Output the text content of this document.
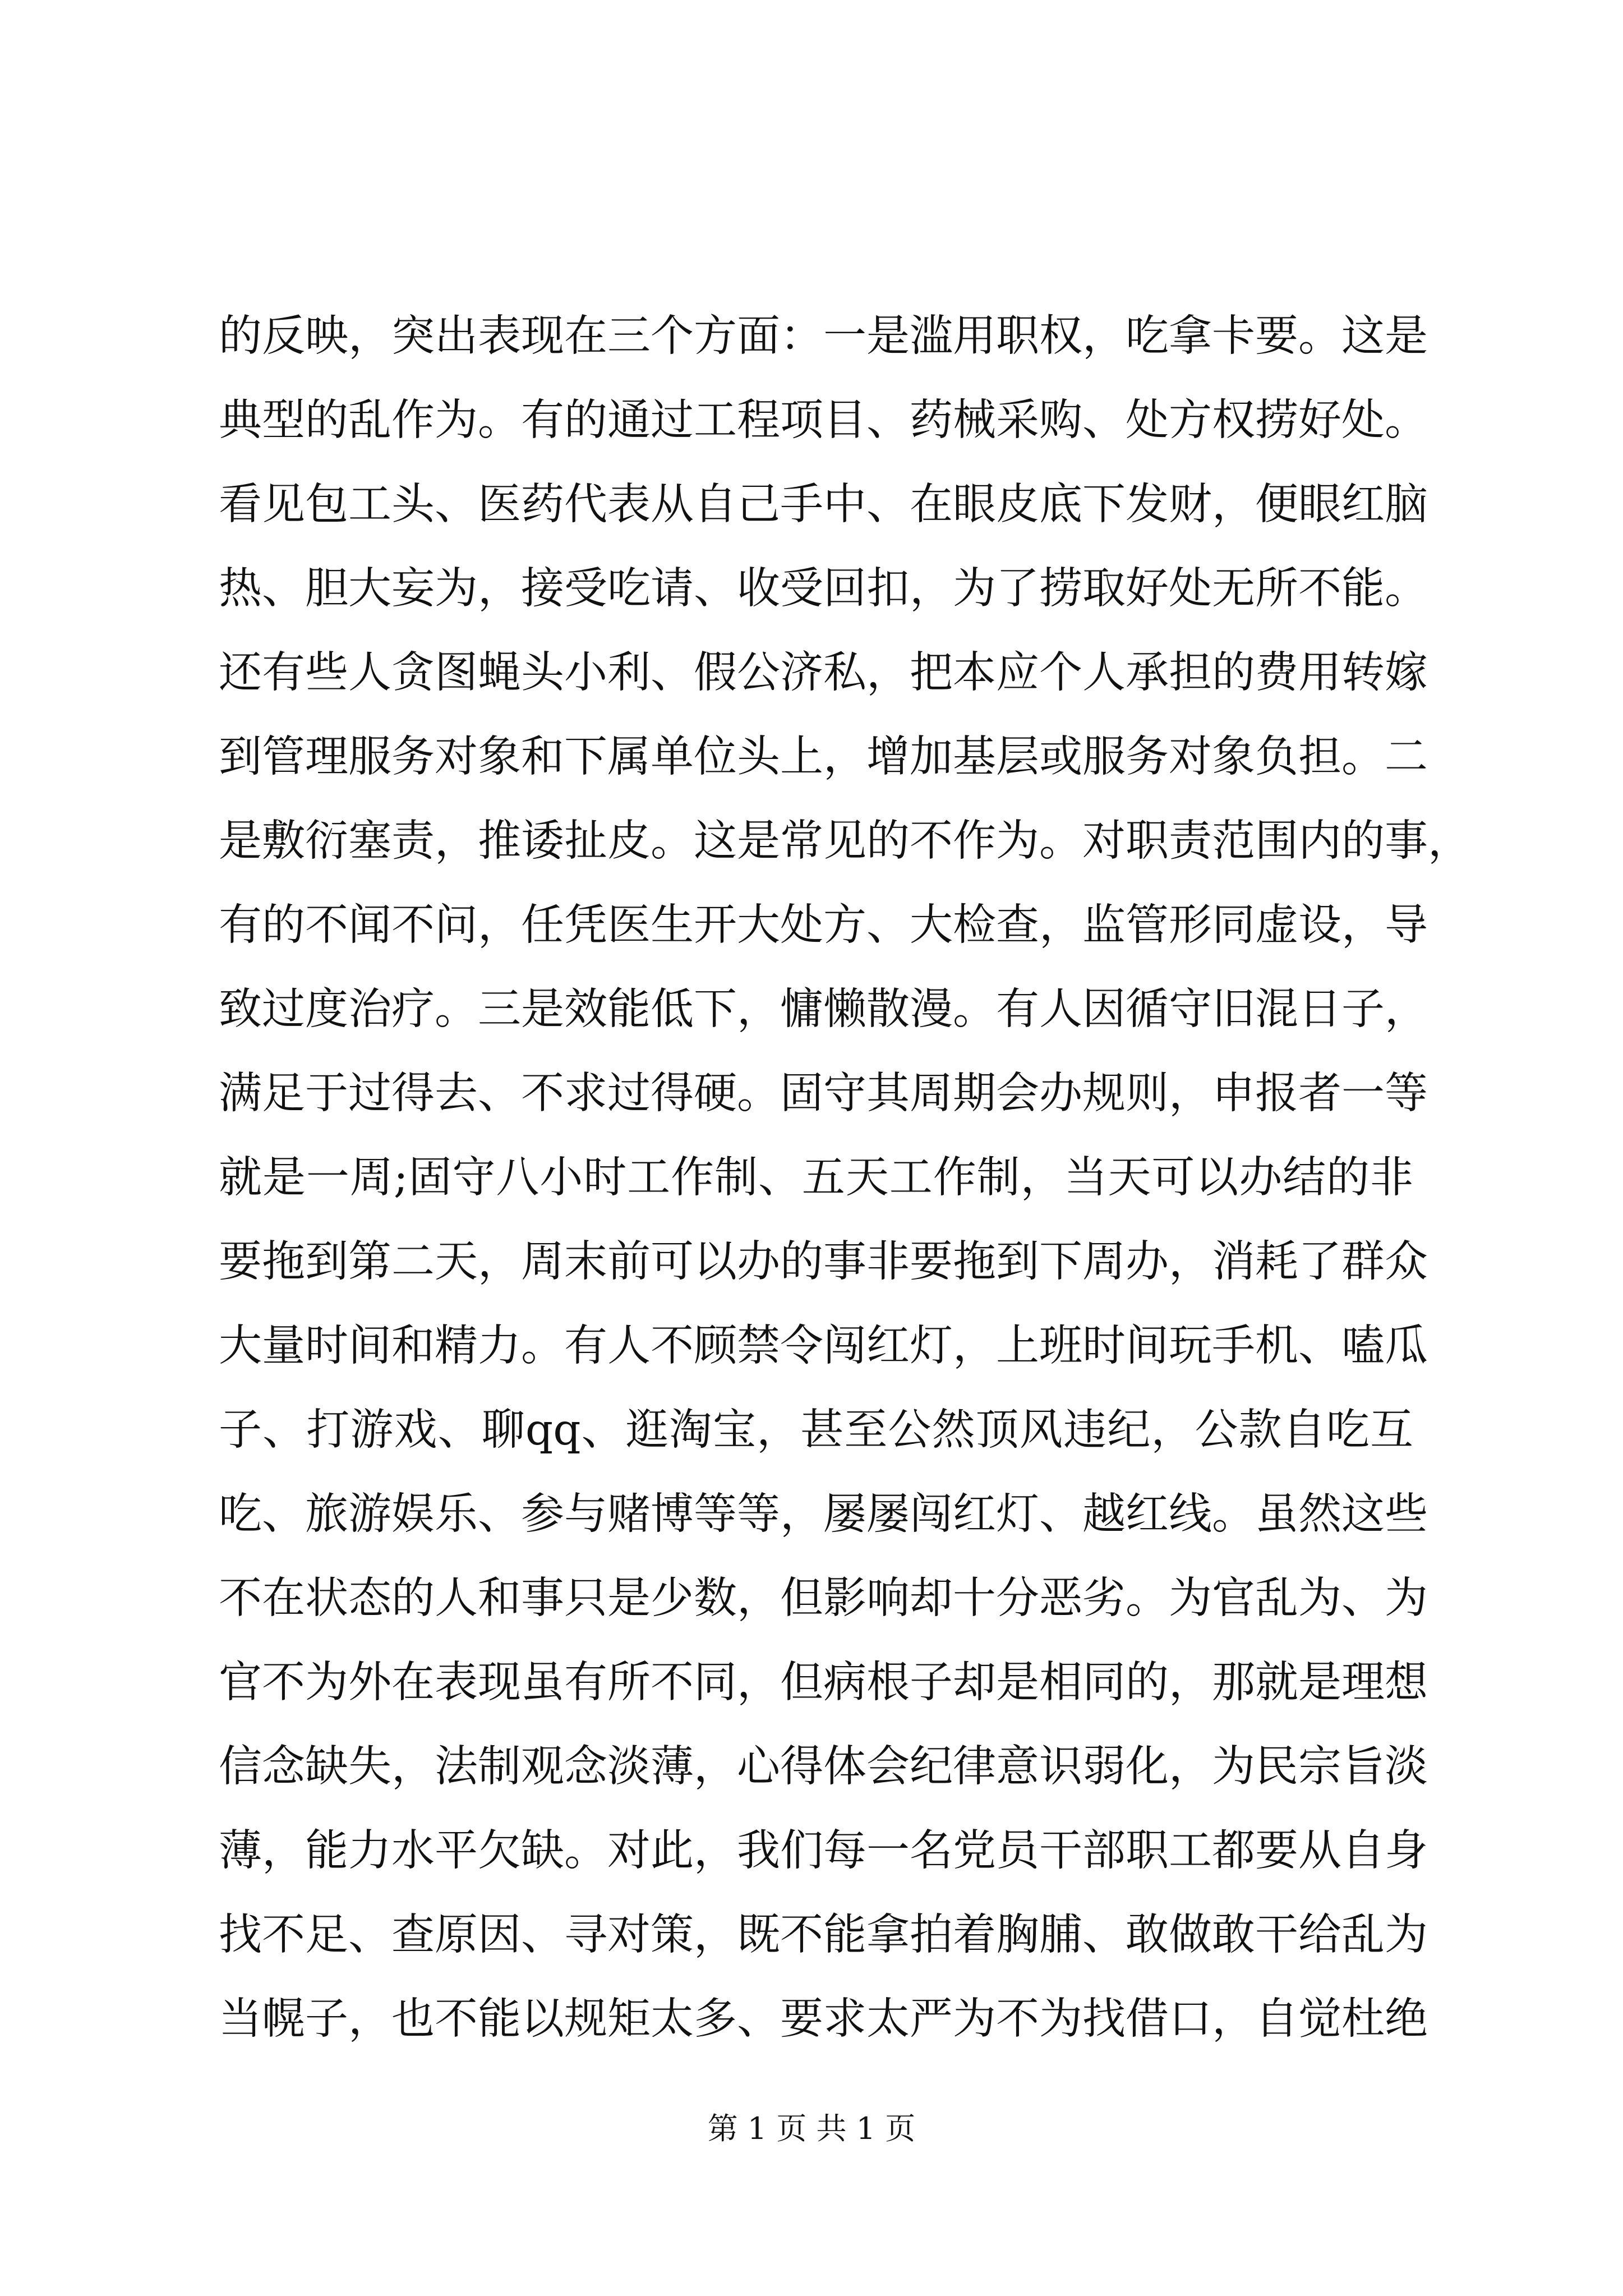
的反映，突出表现在三个方面：一是滥用职权，吃拿卡要。这是
典型的乱作为。有的通过工程项目、药械采购、处方权捞好处。
看见包工头、医药代表从自己手中、在眼皮底下发财，便眼红脑
热、胆大妄为，接受吃请、收受回扣，为了捞取好处无所不能。
还有些人贪图蝇头小利、假公济私，把本应个人承担的费用转嫁
到管理服务对象和下属单位头上，增加基层或服务对象负担。二
是敷衍塞责，推诿扯皮。这是常见的不作为。对职责范围内的事，
有的不闻不问，任凭医生开大处方、大检查，监管形同虚设，导
致过度治疗。三是效能低下，慵懒散漫。有人因循守旧混日子，
满足于过得去、不求过得硬。固守其周期会办规则，申报者一等
就是一周;固守八小时工作制、五天工作制，当天可以办结的非
要拖到第二天，周末前可以办的事非要拖到下周办，消耗了群众
大量时间和精力。有人不顾禁令闯红灯，上班时间玩手机、嗑瓜
子、打游戏、聊qq、逛淘宝，甚至公然顶风违纪，公款自吃互
吃、旅游娱乐、参与赌博等等，屡屡闯红灯、越红线。虽然这些
不在状态的人和事只是少数，但影响却十分恶劣。为官乱为、为
官不为外在表现虽有所不同，但病根子却是相同的，那就是理想
信念缺失，法制观念淡薄，心得体会纪律意识弱化，为民宗旨淡
薄，能力水平欠缺。对此，我们每一名党员干部职工都要从自身
找不足、查原因、寻对策，既不能拿拍着胸脯、敢做敢干给乱为
当幌子，也不能以规矩太多、要求太严为不为找借口，自觉杜绝
第 1 页 共 1 页
